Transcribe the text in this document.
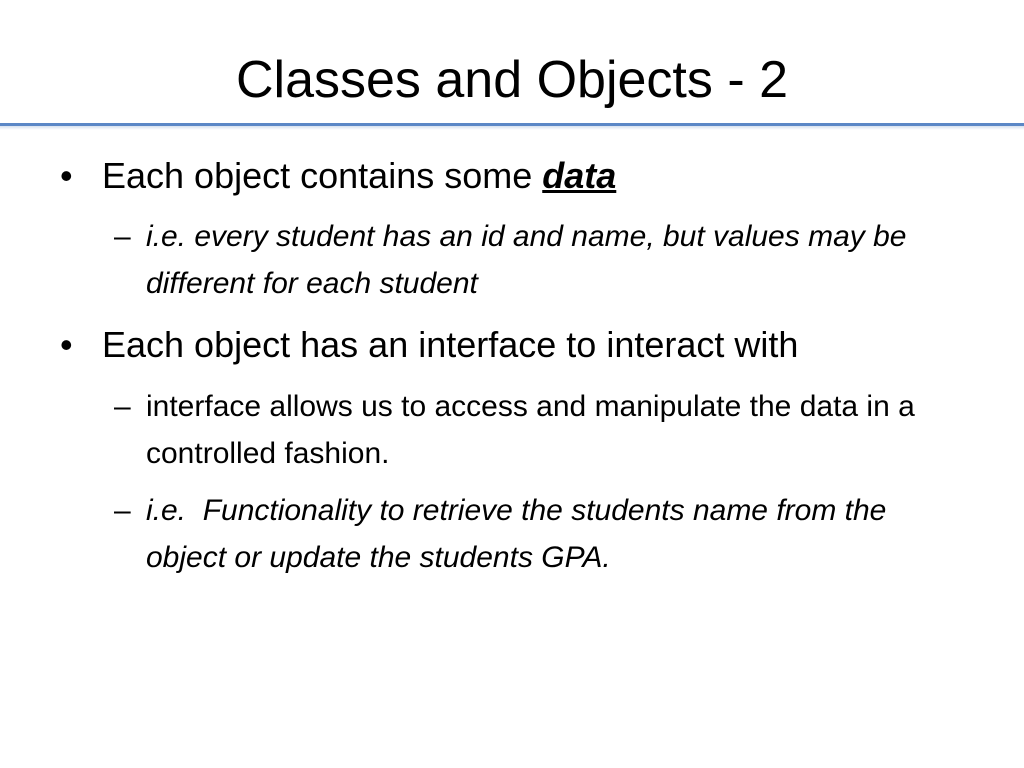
Classes and Objects - 2
• Each object contains some data
– i.e. every student has an id and name, but values may be different for each student
• Each object has an interface to interact with
– interface allows us to access and manipulate the data in a controlled fashion.
– i.e.  Functionality to retrieve the students name from the object or update the students GPA.
